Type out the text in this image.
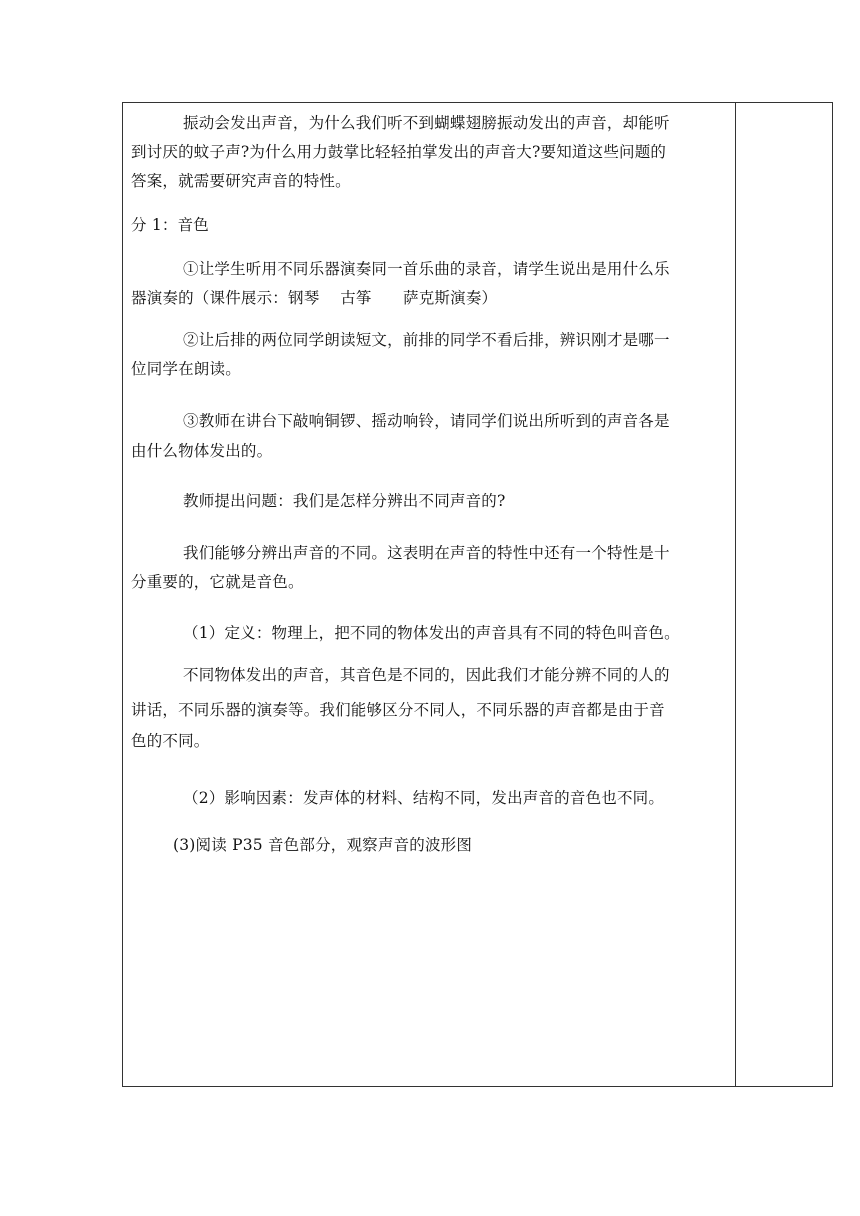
振动会发出声音，为什么我们听不到蝴蝶翅膀振动发出的声音，却能听

到讨厌的蚊子声?为什么用力鼓掌比轻轻拍掌发出的声音大?要知道这些问题的

答案，就需要研究声音的特性。

分 1：音色

①让学生听用不同乐器演奏同一首乐曲的录音，请学生说出是用什么乐

器演奏的（课件展示：钢琴　 古筝　　萨克斯演奏）

②让后排的两位同学朗读短文，前排的同学不看后排，辨识刚才是哪一

位同学在朗读。

③教师在讲台下敲响铜锣、摇动响铃，请同学们说出所听到的声音各是

由什么物体发出的。

教师提出问题：我们是怎样分辨出不同声音的?

我们能够分辨出声音的不同。这表明在声音的特性中还有一个特性是十

分重要的，它就是音色。

（1）定义：物理上，把不同的物体发出的声音具有不同的特色叫音色。

不同物体发出的声音，其音色是不同的，因此我们才能分辨不同的人的

讲话，不同乐器的演奏等。我们能够区分不同人，不同乐器的声音都是由于音

色的不同。

（2）影响因素：发声体的材料、结构不同，发出声音的音色也不同。

(3)阅读 P35 音色部分，观察声音的波形图
